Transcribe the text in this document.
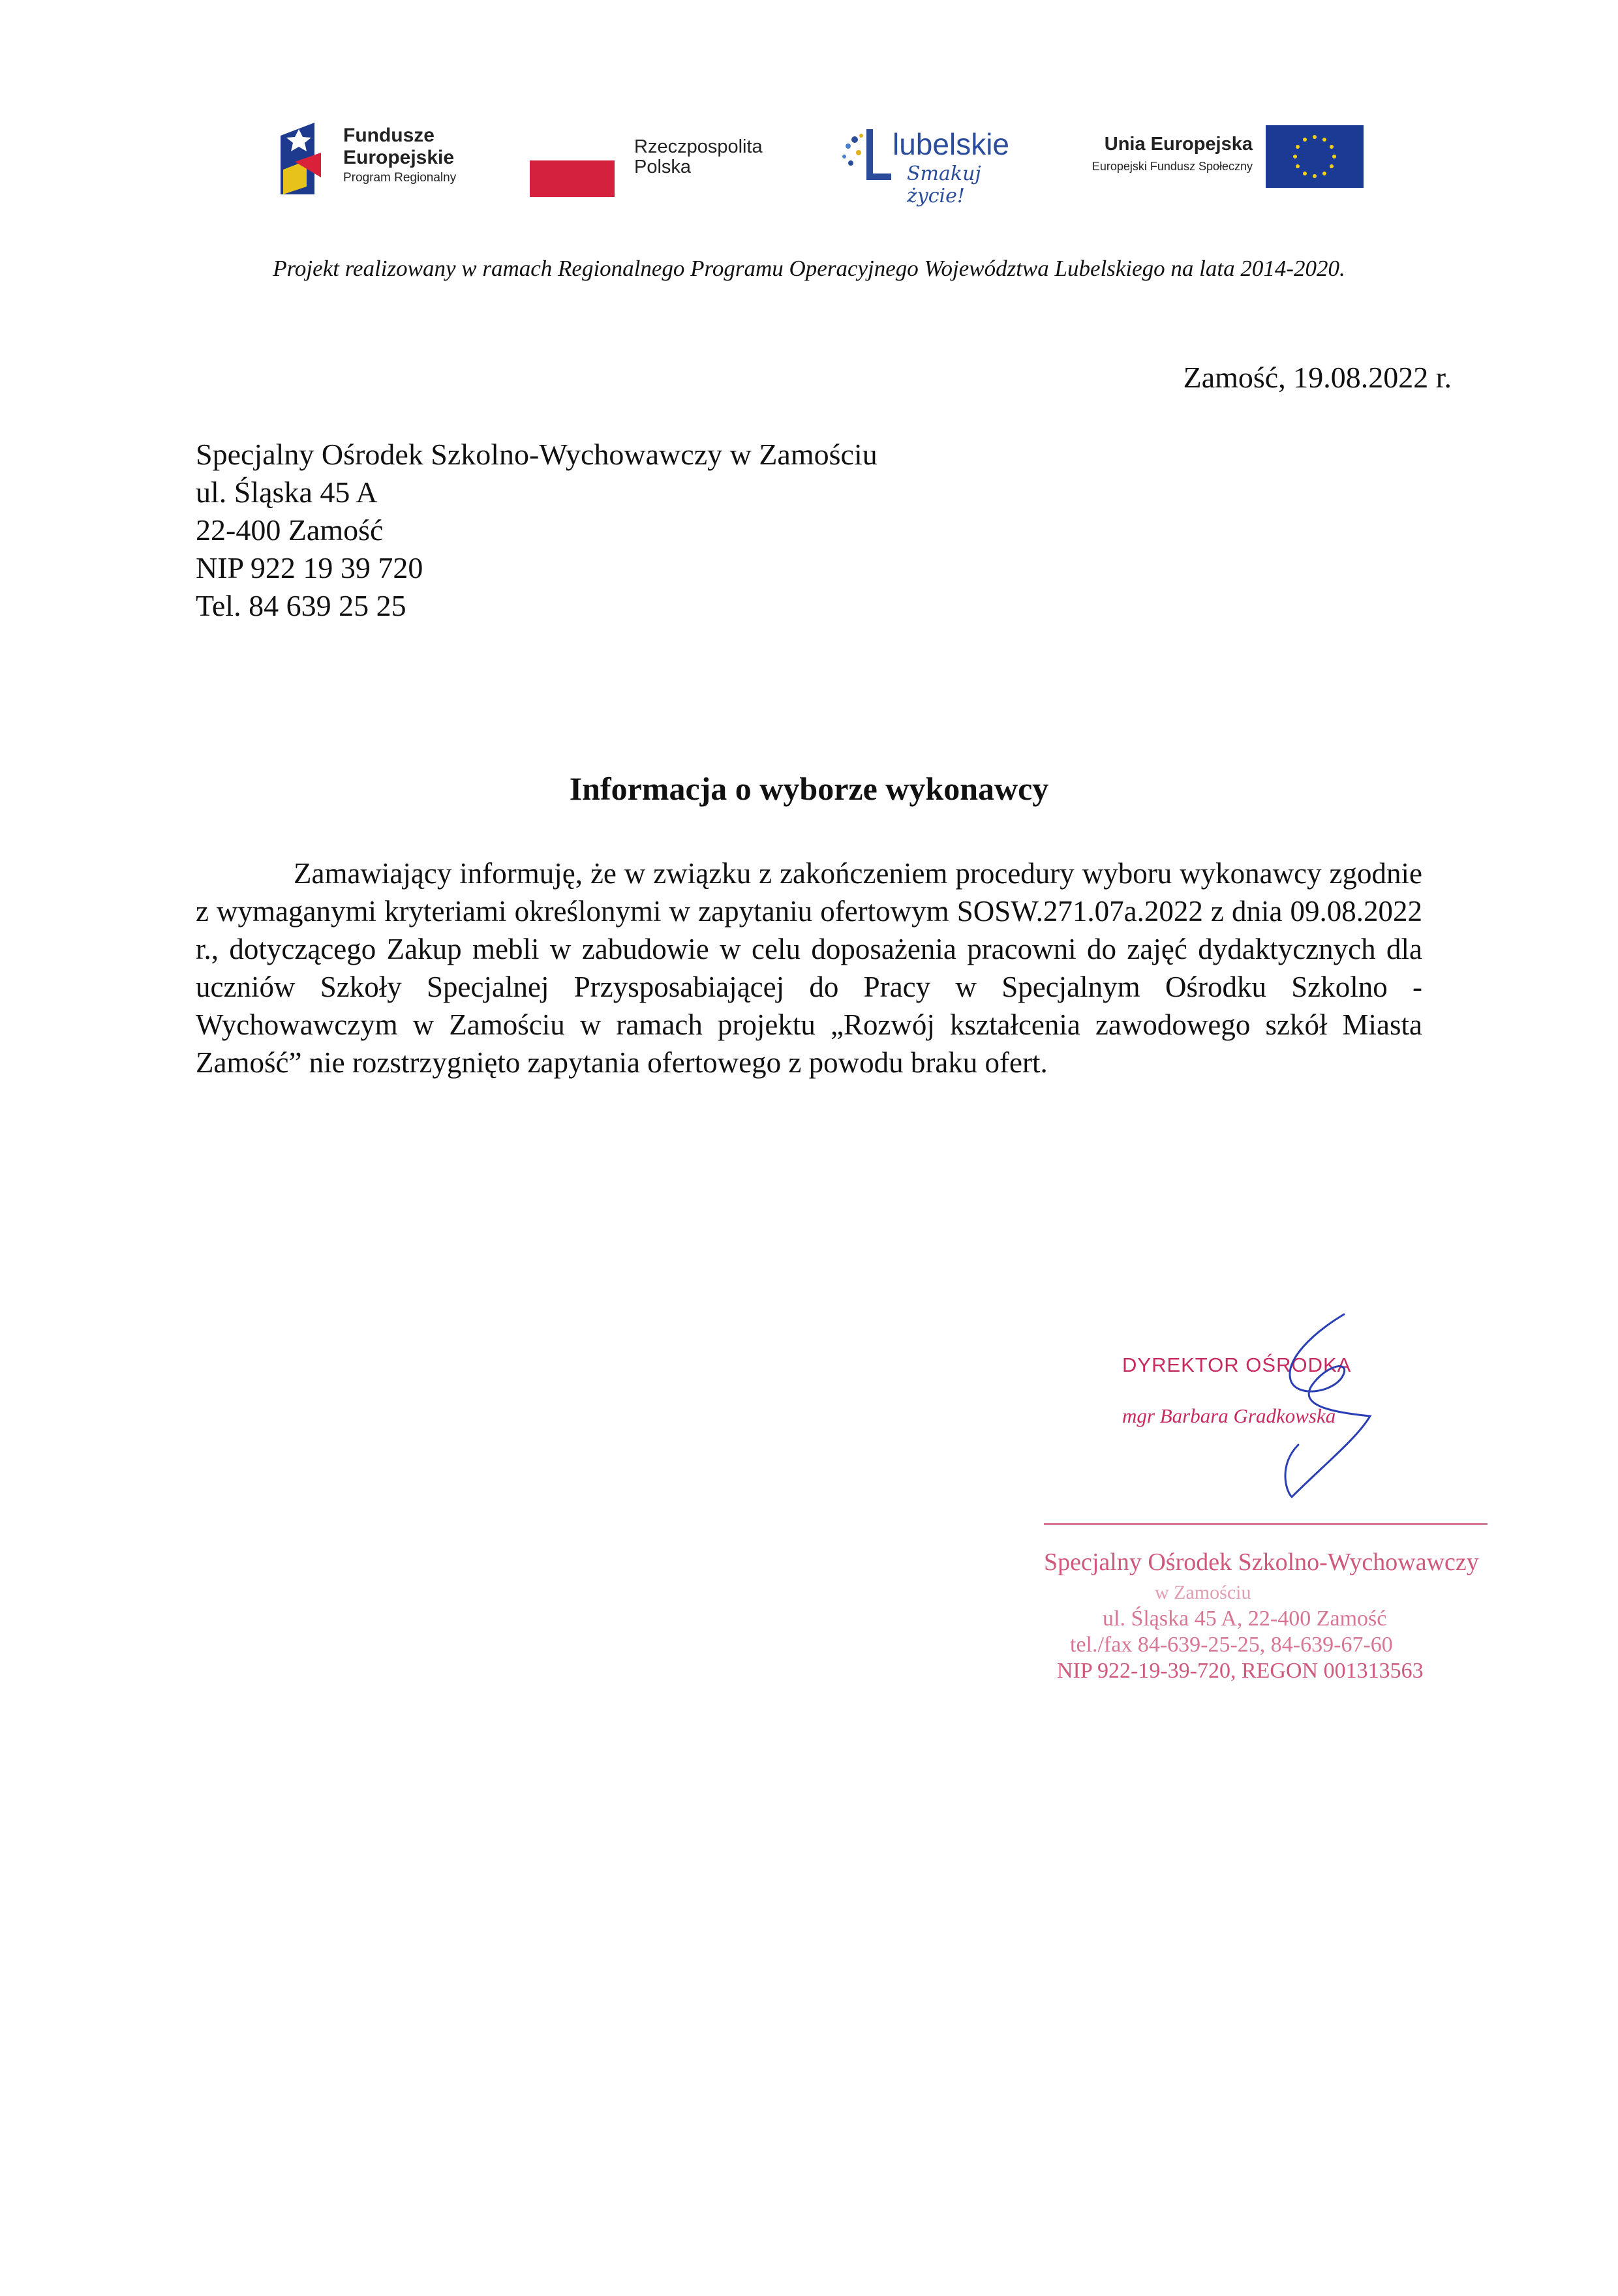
Fundusze
Europejskie
Program Regionalny
Rzeczpospolita
Polska
lubelskie
Smakuj życie!
Unia Europejska
Europejski Fundusz Społeczny
Projekt realizowany w ramach Regionalnego Programu Operacyjnego Województwa Lubelskiego na lata 2014-2020.
Zamość, 19.08.2022 r.
Specjalny Ośrodek Szkolno-Wychowawczy w Zamościu
ul. Śląska 45 A
22-400 Zamość
NIP 922 19 39 720
Tel. 84 639 25 25
Informacja o wyborze wykonawcy
Zamawiający informuję, że w związku z zakończeniem procedury wyboru wykonawcy zgodnie z wymaganymi kryteriami określonymi w zapytaniu ofertowym SOSW.271.07a.2022 z dnia 09.08.2022 r., dotyczącego Zakup mebli w zabudowie w celu doposażenia pracowni do zajęć dydaktycznych dla uczniów Szkoły Specjalnej Przysposabiającej do Pracy w Specjalnym Ośrodku Szkolno - Wychowawczym w Zamościu w ramach projektu „Rozwój kształcenia zawodowego szkół Miasta Zamość” nie rozstrzygnięto zapytania ofertowego z powodu braku ofert.
DYREKTOR OŚRODKA
mgr Barbara Gradkowska
Specjalny Ośrodek Szkolno-Wychowawczy
w Zamościu
ul. Śląska 45 A, 22-400 Zamość
tel./fax 84-639-25-25, 84-639-67-60
NIP 922-19-39-720, REGON 001313563
